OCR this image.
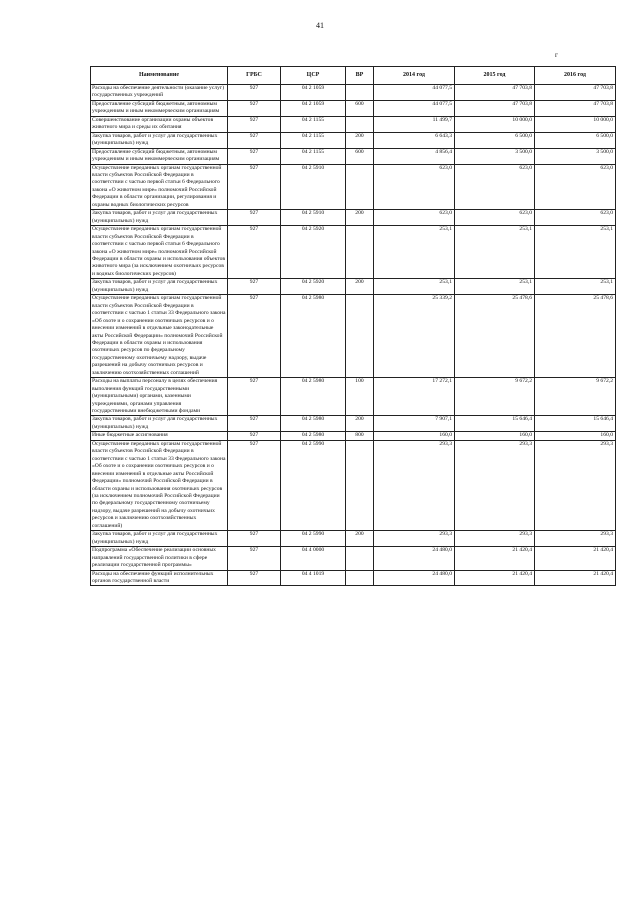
41
г
Наименование	ГРБС	ЦСР	ВР	2014 год	2015 год	2016 год
Расходы на обеспечение деятельности (оказание услуг) государственных учреждений	927	04 2 1059		44 077,5	47 703,8	47 703,8
Предоставление субсидий бюджетным, автономным учреждениям и иным некоммерческим организациям	927	04 2 1059	600	44 077,5	47 703,8	47 703,8
Совершенствование организации охраны объектов животного мира и среды их обитания	927	04 2 1155		11 499,7	10 000,0	10 000,0
Закупка товаров, работ и услуг для государственных (муниципальных) нужд	927	04 2 1155	200	6 643,3	6 500,0	6 500,0
Предоставление субсидий бюджетным, автономным учреждениям и иным некоммерческим организациям	927	04 2 1155	600	4 856,4	3 500,0	3 500,0
Осуществление переданных органам государственной власти субъектов Российской Федерации в соответствии с частью первой статьи 6 Федерального закона «О животном мире» полномочий Российской Федерации в области организации, регулирования и охраны водных биологических ресурсов	927	04 2 5910		623,0	623,0	623,0
Закупка товаров, работ и услуг для государственных (муниципальных) нужд	927	04 2 5910	200	623,0	623,0	623,0
Осуществление переданных органам государственной власти субъектов Российской Федерации в соответствии с частью первой статьи 6 Федерального закона «О животном мире» полномочий Российской Федерации в области охраны и использования объектов животного мира (за исключением охотничьих ресурсов и водных биологических ресурсов)	927	04 2 5920		253,1	253,1	253,1
Закупка товаров, работ и услуг для государственных (муниципальных) нужд	927	04 2 5920	200	253,1	253,1	253,1
Осуществление переданных органам государственной власти субъектов Российской Федерации в соответствии с частью 1 статьи 33 Федерального закона «Об охоте и о сохранении охотничьих ресурсов и о внесении изменений в отдельные законодательные акты Российской Федерации» полномочий Российской Федерации в области охраны и использования охотничьих ресурсов по федеральному государственному охотничьему надзору, выдаче разрешений на добычу охотничьих ресурсов и заключению охотхозяйственных соглашений	927	04 2 5980		25 339,2	25 478,6	25 478,6
Расходы на выплаты персоналу в целях обеспечения выполнения функций государственными (муниципальными) органами, казенными учреждениями, органами управления государственными внебюджетными фондами	927	04 2 5980	100	17 272,1	9 672,2	9 672,2
Закупка товаров, работ и услуг для государственных (муниципальных) нужд	927	04 2 5980	200	7 907,1	15 646,4	15 646,4
Иные бюджетные ассигнования	927	04 2 5980	800	160,0	160,0	160,0
Осуществление переданных органам государственной власти субъектов Российской Федерации в соответствии с частью 1 статьи 33 Федерального закона «Об охоте и о сохранении охотничьих ресурсов и о внесении изменений в отдельные акты Российской Федерации» полномочий Российской Федерации в области охраны и использования охотничьих ресурсов (за исключением полномочий Российской Федерации по федеральному государственному охотничьему надзору, выдаче разрешений на добычу охотничьих ресурсов и заключению охотхозяйственных соглашений)	927	04 2 5990		293,3	293,3	293,3
Закупка товаров, работ и услуг для государственных (муниципальных) нужд	927	04 2 5990	200	293,3	293,3	293,3
Подпрограмма «Обеспечение реализации основных направлений государственной политики в сфере реализации государственной программы»	927	04 4 0000		24 480,0	21 420,4	21 420,4
Расходы на обеспечение функций исполнительных органов государственной власти	927	04 4 1019		24 480,0	21 420,4	21 420,4
